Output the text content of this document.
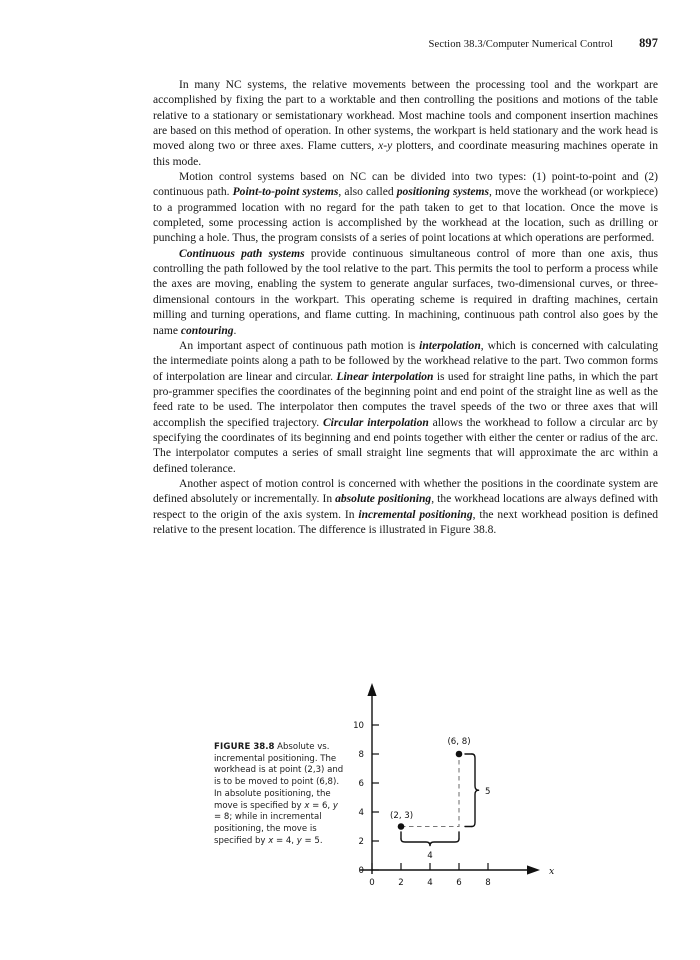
Section 38.3/Computer Numerical Control 897

In many NC systems, the relative movements between the processing tool and the workpart are accomplished by fixing the part to a worktable and then controlling the positions and motions of the table relative to a stationary or semistationary workhead. Most machine tools and component insertion machines are based on this method of operation. In other systems, the workpart is held stationary and the work head is moved along two or three axes. Flame cutters, x-y plotters, and coordinate measuring machines operate in this mode.

Motion control systems based on NC can be divided into two types: (1) point-to-point and (2) continuous path. Point-to-point systems, also called positioning systems, move the workhead (or workpiece) to a programmed location with no regard for the path taken to get to that location. Once the move is completed, some processing action is accomplished by the workhead at the location, such as drilling or punching a hole. Thus, the program consists of a series of point locations at which operations are performed.

Continuous path systems provide continuous simultaneous control of more than one axis, thus controlling the path followed by the tool relative to the part. This permits the tool to perform a process while the axes are moving, enabling the system to generate angular surfaces, two-dimensional curves, or three-dimensional contours in the workpart. This operating scheme is required in drafting machines, certain milling and turning operations, and flame cutting. In machining, continuous path control also goes by the name contouring.

An important aspect of continuous path motion is interpolation, which is concerned with calculating the intermediate points along a path to be followed by the workhead relative to the part. Two common forms of interpolation are linear and circular. Linear interpolation is used for straight line paths, in which the part pro-grammer specifies the coordinates of the beginning point and end point of the straight line as well as the feed rate to be used. The interpolator then computes the travel speeds of the two or three axes that will accomplish the specified trajectory. Circular interpolation allows the workhead to follow a circular arc by specifying the coordinates of its beginning and end points together with either the center or radius of the arc. The interpolator computes a series of small straight line segments that will approximate the arc within a defined tolerance.

Another aspect of motion control is concerned with whether the positions in the coordinate system are defined absolutely or incrementally. In absolute positioning, the workhead locations are always defined with respect to the origin of the axis system. In incremental positioning, the next workhead position is defined relative to the present location. The difference is illustrated in Figure 38.8.

FIGURE 38.8 Absolute vs. incremental positioning. The workhead is at point (2,3) and is to be moved to point (6,8). In absolute positioning, the move is specified by x = 6, y = 8; while in incremental positioning, the move is specified by x = 4, y = 5.
0
2
4
6
8
10
0	2	4	6	8
x
(2, 3)
(6, 8)
4
5
